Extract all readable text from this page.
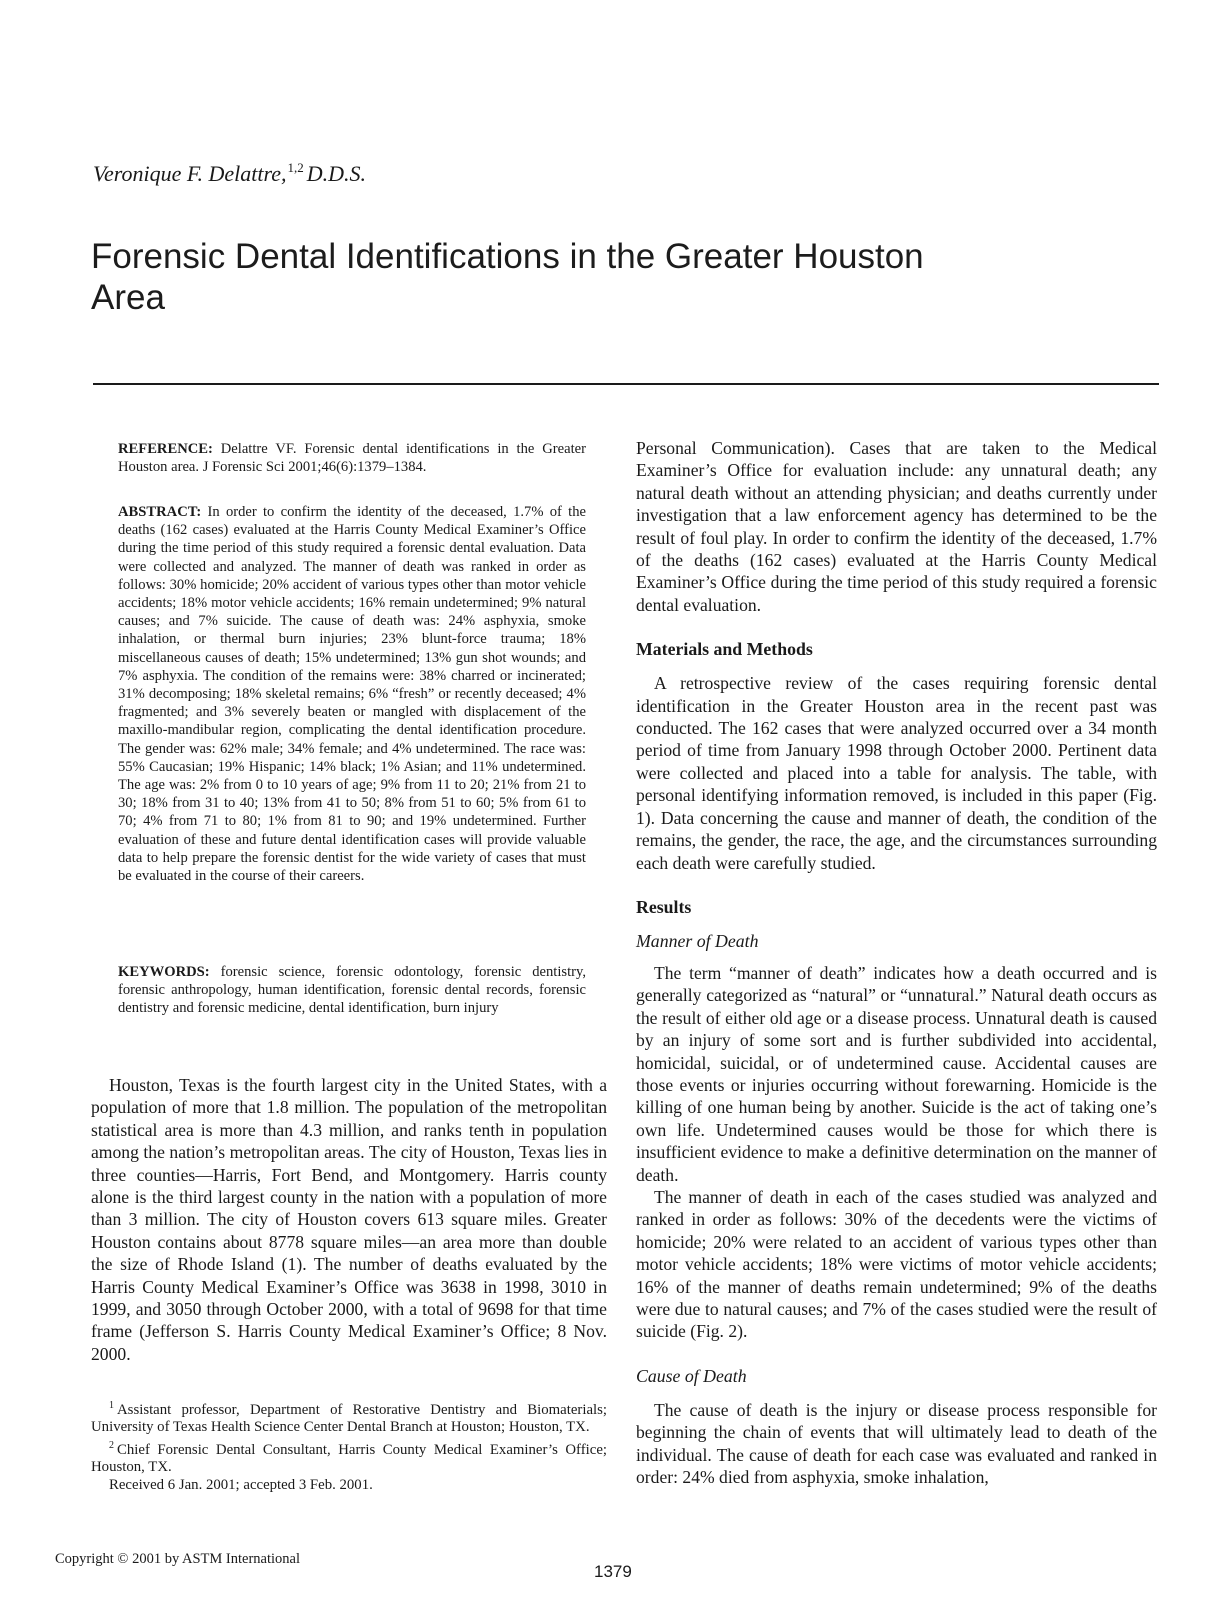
Veronique F. Delattre,$^{1,2}$ D.D.S.

Forensic Dental Identifications in the Greater Houston Area

REFERENCE: Delattre VF. Forensic dental identifications in the Greater Houston area. J Forensic Sci 2001;46(6):1379–1384.

ABSTRACT: In order to confirm the identity of the deceased, 1.7% of the deaths (162 cases) evaluated at the Harris County Medical Examiner’s Office during the time period of this study required a forensic dental evaluation. Data were collected and analyzed. The manner of death was ranked in order as follows: 30% homicide; 20% accident of various types other than motor vehicle accidents; 18% motor vehicle accidents; 16% remain undetermined; 9% natural causes; and 7% suicide. The cause of death was: 24% asphyxia, smoke inhalation, or thermal burn injuries; 23% blunt-force trauma; 18% miscellaneous causes of death; 15% undetermined; 13% gun shot wounds; and 7% asphyxia. The condition of the remains were: 38% charred or incinerated; 31% decomposing; 18% skeletal remains; 6% “fresh” or recently deceased; 4% fragmented; and 3% severely beaten or mangled with displacement of the maxillo-mandibular region, complicating the dental identification procedure. The gender was: 62% male; 34% female; and 4% undetermined. The race was: 55% Caucasian; 19% Hispanic; 14% black; 1% Asian; and 11% undetermined. The age was: 2% from 0 to 10 years of age; 9% from 11 to 20; 21% from 21 to 30; 18% from 31 to 40; 13% from 41 to 50; 8% from 51 to 60; 5% from 61 to 70; 4% from 71 to 80; 1% from 81 to 90; and 19% undetermined. Further evaluation of these and future dental identification cases will provide valuable data to help prepare the forensic dentist for the wide variety of cases that must be evaluated in the course of their careers.

KEYWORDS: forensic science, forensic odontology, forensic dentistry, forensic anthropology, human identification, forensic dental records, forensic dentistry and forensic medicine, dental identification, burn injury

Houston, Texas is the fourth largest city in the United States, with a population of more that 1.8 million. The population of the metropolitan statistical area is more than 4.3 million, and ranks tenth in population among the nation’s metropolitan areas. The city of Houston, Texas lies in three counties—Harris, Fort Bend, and Montgomery. Harris county alone is the third largest county in the nation with a population of more than 3 million. The city of Houston covers 613 square miles. Greater Houston contains about 8778 square miles—an area more than double the size of Rhode Island (1). The number of deaths evaluated by the Harris County Medical Examiner’s Office was 3638 in 1998, 3010 in 1999, and 3050 through October 2000, with a total of 9698 for that time frame (Jefferson S. Harris County Medical Examiner’s Office; 8 Nov. 2000.

$^1$ Assistant professor, Department of Restorative Dentistry and Biomaterials; University of Texas Health Science Center Dental Branch at Houston; Houston, TX.

$^2$ Chief Forensic Dental Consultant, Harris County Medical Examiner’s Office; Houston, TX.

Received 6 Jan. 2001; accepted 3 Feb. 2001.

Personal Communication). Cases that are taken to the Medical Examiner’s Office for evaluation include: any unnatural death; any natural death without an attending physician; and deaths currently under investigation that a law enforcement agency has determined to be the result of foul play. In order to confirm the identity of the deceased, 1.7% of the deaths (162 cases) evaluated at the Harris County Medical Examiner’s Office during the time period of this study required a forensic dental evaluation.

Materials and Methods

A retrospective review of the cases requiring forensic dental identification in the Greater Houston area in the recent past was conducted. The 162 cases that were analyzed occurred over a 34 month period of time from January 1998 through October 2000. Pertinent data were collected and placed into a table for analysis. The table, with personal identifying information removed, is included in this paper (Fig. 1). Data concerning the cause and manner of death, the condition of the remains, the gender, the race, the age, and the circumstances surrounding each death were carefully studied.

Results
Manner of Death

The term “manner of death” indicates how a death occurred and is generally categorized as “natural” or “unnatural.” Natural death occurs as the result of either old age or a disease process. Unnatural death is caused by an injury of some sort and is further subdivided into accidental, homicidal, suicidal, or of undetermined cause. Accidental causes are those events or injuries occurring without forewarning. Homicide is the killing of one human being by another. Suicide is the act of taking one’s own life. Undetermined causes would be those for which there is insufficient evidence to make a definitive determination on the manner of death.

The manner of death in each of the cases studied was analyzed and ranked in order as follows: 30% of the decedents were the victims of homicide; 20% were related to an accident of various types other than motor vehicle accidents; 18% were victims of motor vehicle accidents; 16% of the manner of deaths remain undetermined; 9% of the deaths were due to natural causes; and 7% of the cases studied were the result of suicide (Fig. 2).

Cause of Death

The cause of death is the injury or disease process responsible for beginning the chain of events that will ultimately lead to death of the individual. The cause of death for each case was evaluated and ranked in order: 24% died from asphyxia, smoke inhalation,

Copyright © 2001 by ASTM International

1379
